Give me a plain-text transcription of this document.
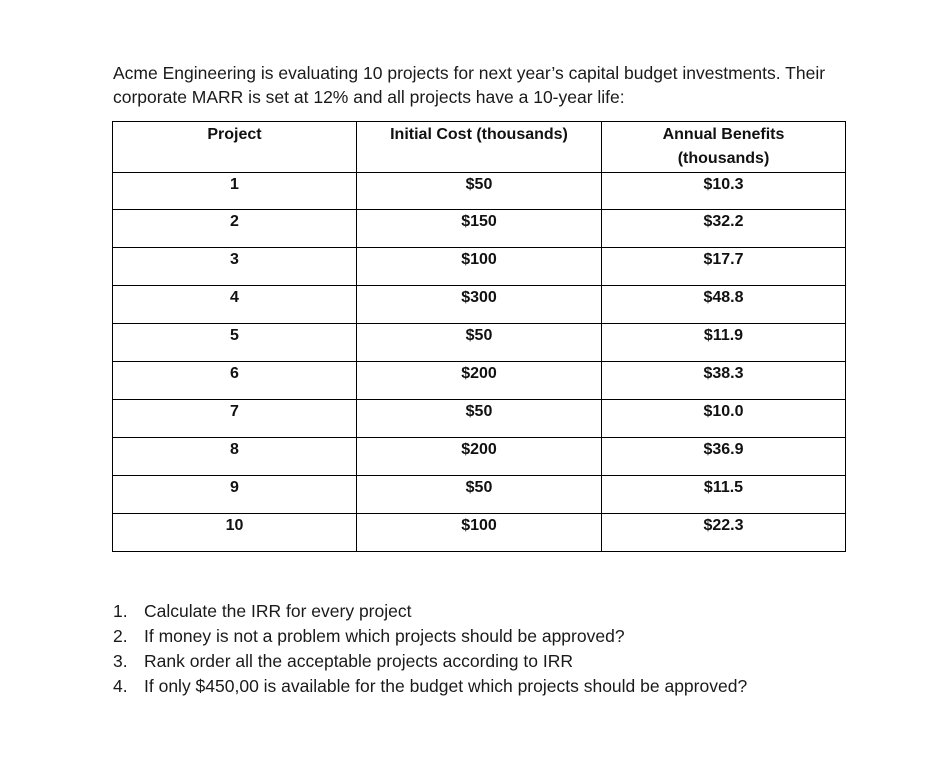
Acme Engineering is evaluating 10 projects for next year’s capital budget investments. Their

corporate MARR is set at 12% and all projects have a 10-year life:

Project	Initial Cost (thousands)	Annual Benefits
(thousands)
1	$50	$10.3
2	$150	$32.2
3	$100	$17.7
4	$300	$48.8
5	$50	$11.9
6	$200	$38.3
7	$50	$10.0
8	$200	$36.9
9	$50	$11.5
10	$100	$22.3
1. Calculate the IRR for every project
2. If money is not a problem which projects should be approved?
3. Rank order all the acceptable projects according to IRR
4. If only $450,00 is available for the budget which projects should be approved?
